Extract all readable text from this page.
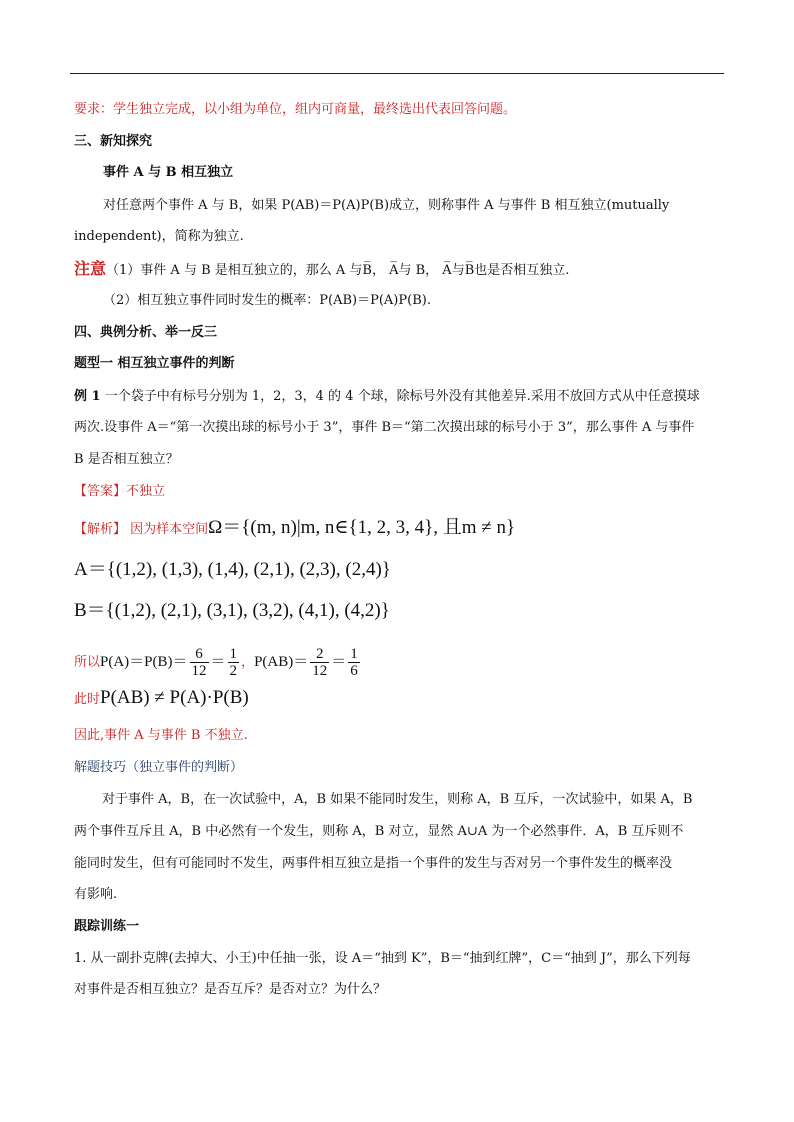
要求：学生独立完成，以小组为单位，组内可商量，最终选出代表回答问题。
三、新知探究
事件 A 与 B 相互独立
对任意两个事件 A 与 B，如果 P(AB)＝P(A)P(B)成立，则称事件 A 与事件 B 相互独立(mutually
independent)，简称为独立.
注意（1）事件 A 与 B 是相互独立的，那么 A 与B̅， A̅与 B， A̅与B̅也是否相互独立.
（2）相互独立事件同时发生的概率：P(AB)＝P(A)P(B).
四、典例分析、举一反三
题型一 相互独立事件的判断
例 1 一个袋子中有标号分别为 1，2，3，4 的 4 个球，除标号外没有其他差异.采用不放回方式从中任意摸球
两次.设事件 A＝“第一次摸出球的标号小于 3”，事件 B＝“第二次摸出球的标号小于 3”，那么事件 A 与事件
B 是否相互独立？
【答案】不独立
【解析】 因为样本空间Ω＝{(m, n)|m, n∈{1, 2, 3, 4}, 且m ≠ n}
A＝{(1,2), (1,3), (1,4), (2,1), (2,3), (2,4)}
B＝{(1,2), (2,1), (3,1), (3,2), (4,1), (4,2)}
所以$P(A)=P(B)= \frac{6}{12} = \frac{1}{2}$ ，$P(AB)= \frac{2}{12} = \frac{1}{6}$
此时P(AB) ≠ P(A)·P(B)
因此,事件 A 与事件 B 不独立.
解题技巧（独立事件的判断）
对于事件 A，B，在一次试验中，A，B 如果不能同时发生，则称 A，B 互斥，一次试验中，如果 A，B
两个事件互斥且 A，B 中必然有一个发生，则称 A，B 对立，显然 A∪A 为一个必然事件．A，B 互斥则不
能同时发生，但有可能同时不发生，两事件相互独立是指一个事件的发生与否对另一个事件发生的概率没
有影响.
跟踪训练一
1. 从一副扑克牌(去掉大、小王)中任抽一张，设 A＝“抽到 K”，B＝“抽到红牌”，C＝“抽到 J”，那么下列每
对事件是否相互独立？是否互斥？是否对立？为什么？
